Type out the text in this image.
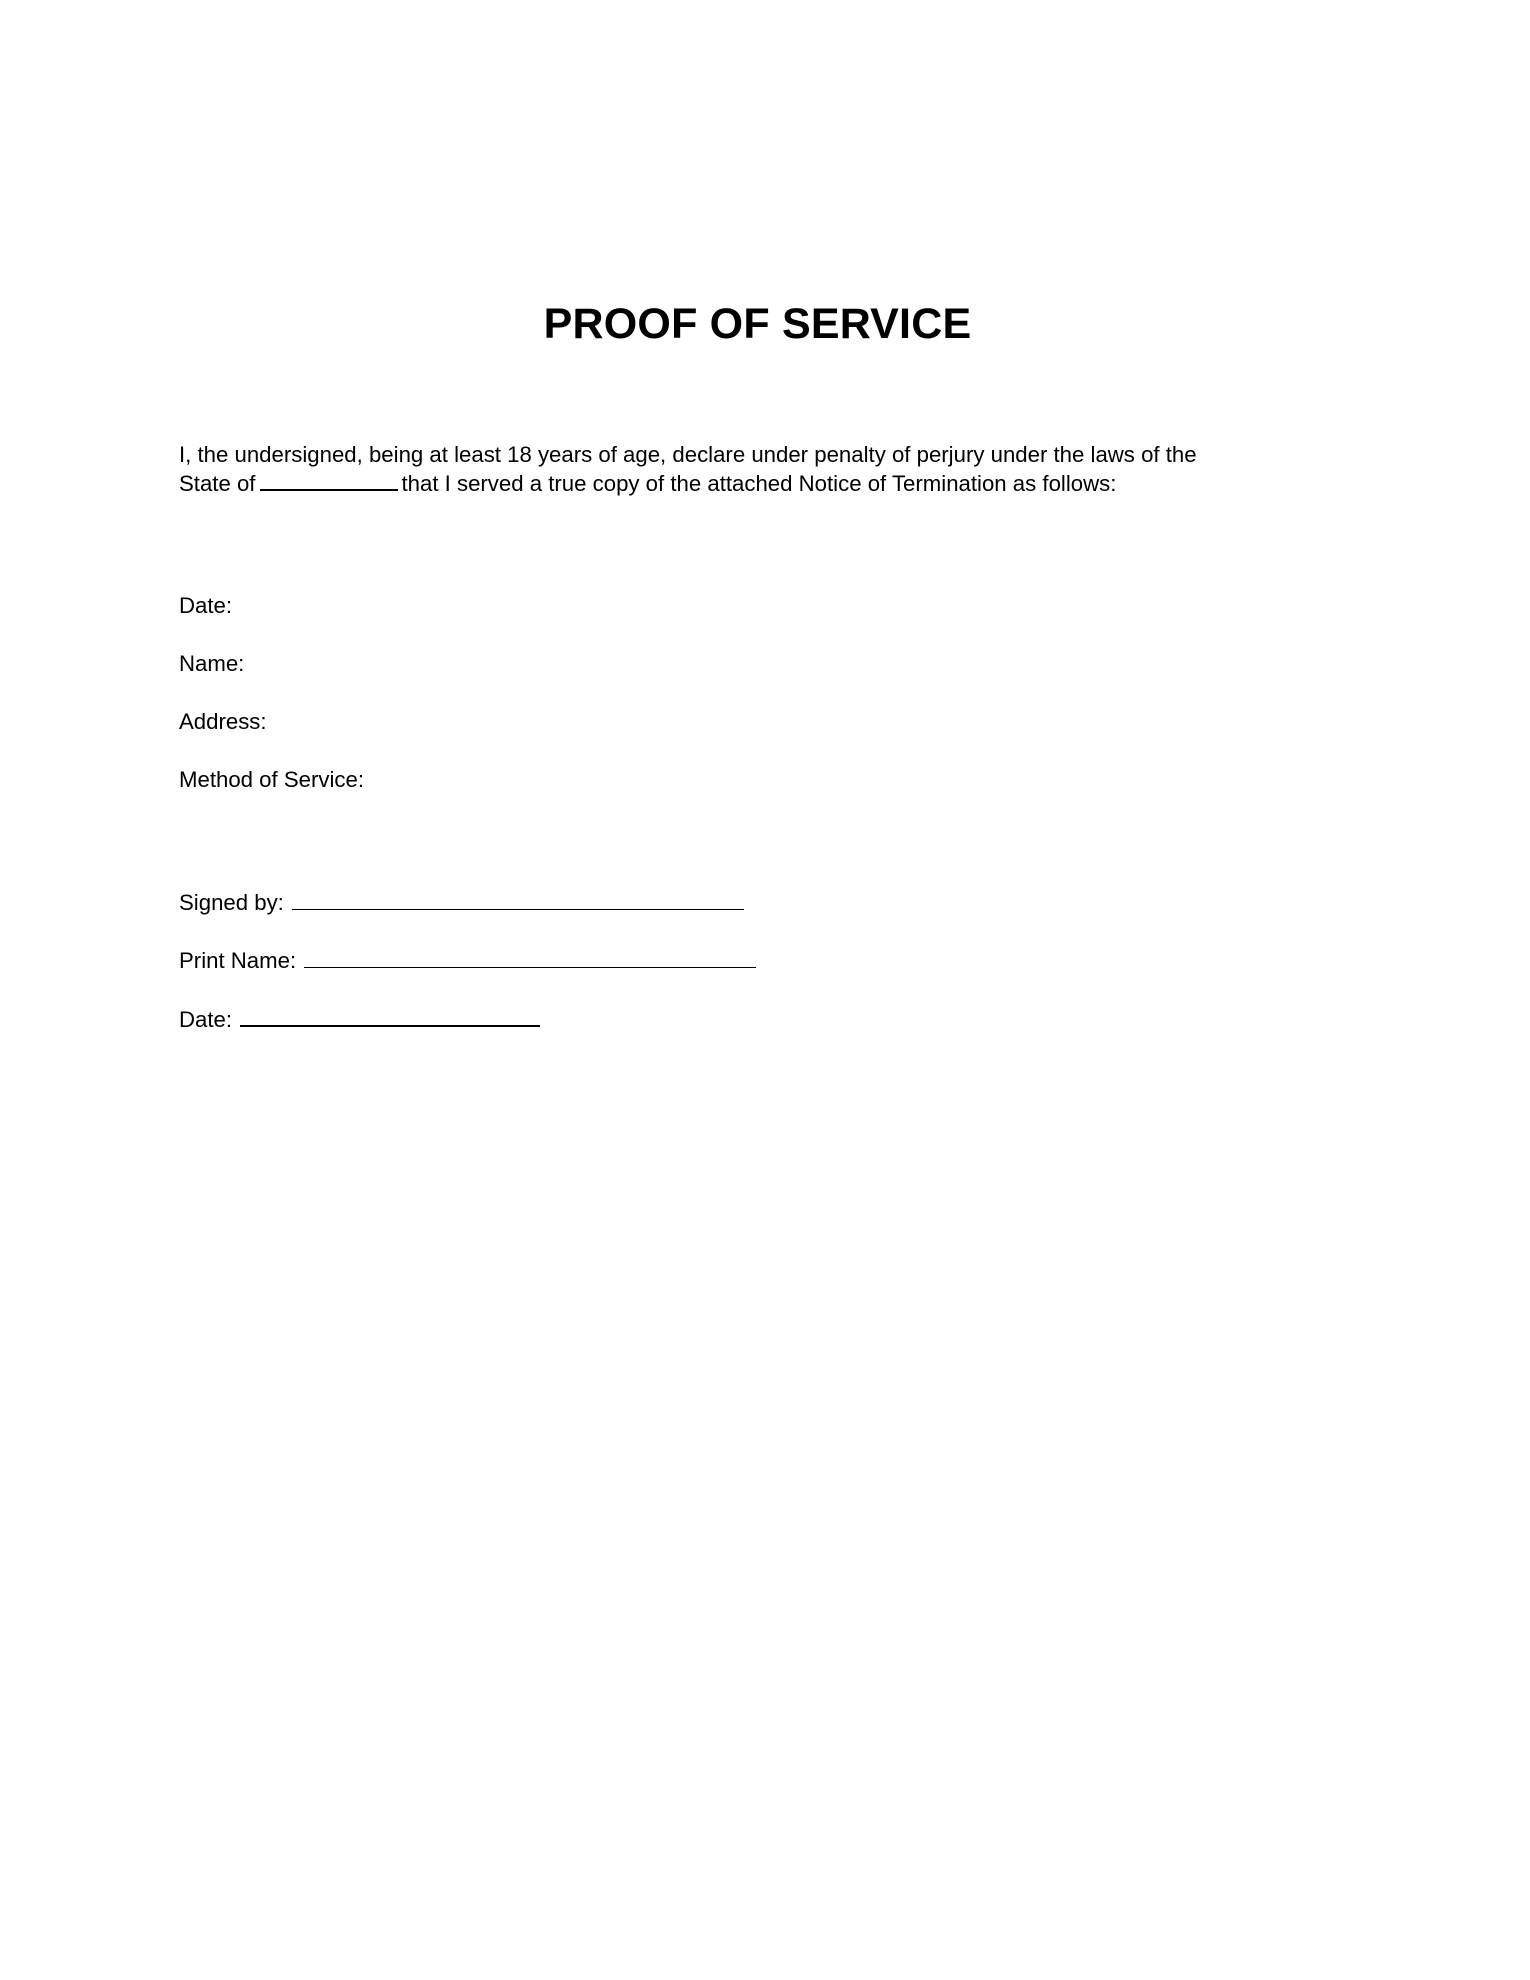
PROOF OF SERVICE

I, the undersigned, being at least 18 years of age, declare under penalty of perjury under the laws of the
State of	that I served a true copy of the attached Notice of Termination as follows:

Date:
Name:
Address:
Method of Service:
Signed by:
Print Name:
Date:
